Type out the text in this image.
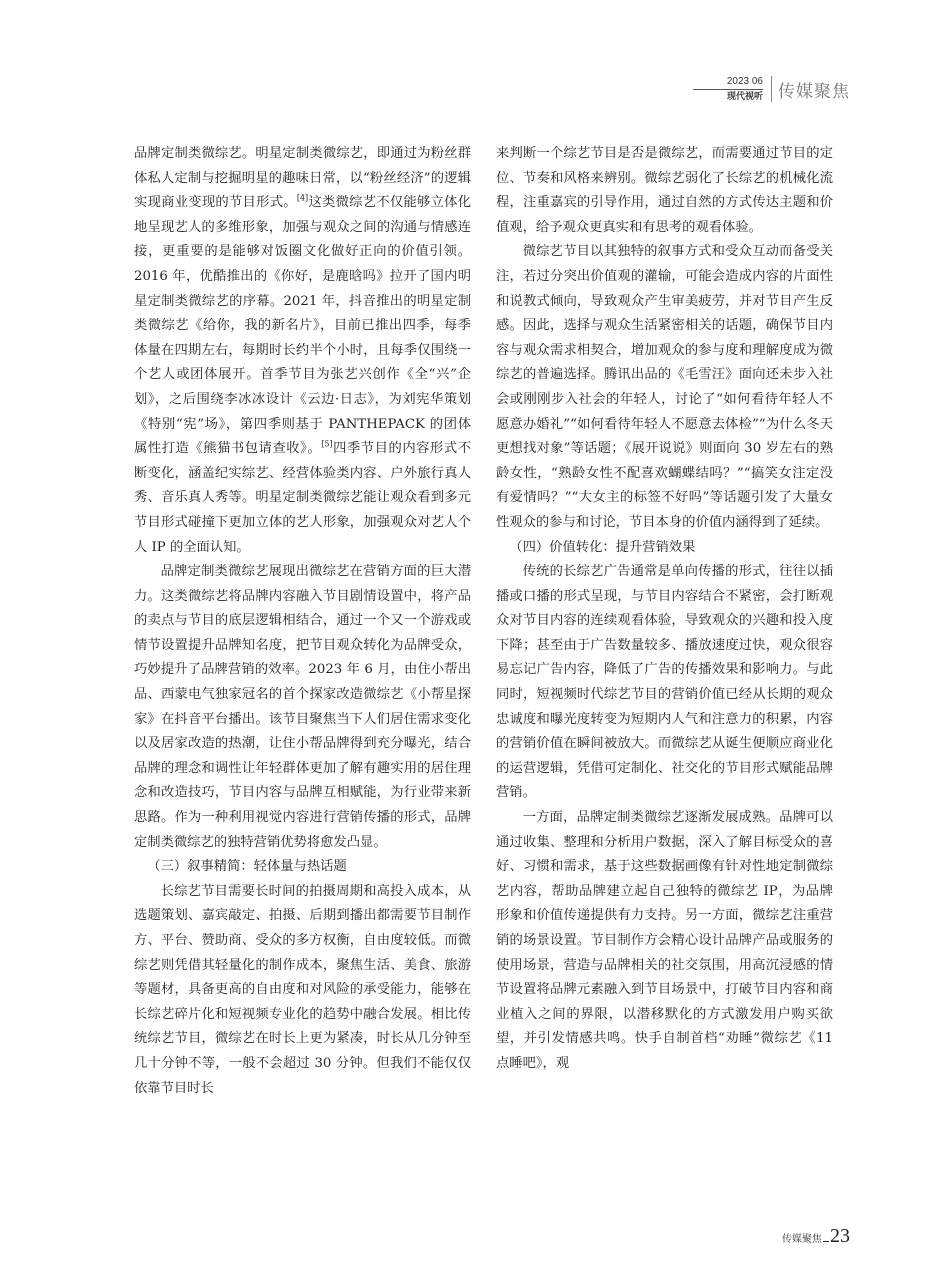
2023 06
现代视听 传媒聚焦

品牌定制类微综艺。明星定制类微综艺，即通过为粉丝群体私人定制与挖掘明星的趣味日常，以“粉丝经济”的逻辑实现商业变现的节目形式。[4]这类微综艺不仅能够立体化地呈现艺人的多维形象，加强与观众之间的沟通与情感连接，更重要的是能够对饭圈文化做好正向的价值引领。2016 年，优酷推出的《你好，是鹿晗吗》拉开了国内明星定制类微综艺的序幕。2021 年，抖音推出的明星定制类微综艺《给你，我的新名片》，目前已推出四季，每季体量在四期左右，每期时长约半个小时，且每季仅围绕一个艺人或团体展开。首季节目为张艺兴创作《全“兴”企划》，之后围绕李冰冰设计《云边·日志》，为刘宪华策划《特别“宪”场》，第四季则基于 PANTHEPACK 的团体属性打造《熊猫书包请查收》。[5]四季节目的内容形式不断变化，涵盖纪实综艺、经营体验类内容、户外旅行真人秀、音乐真人秀等。明星定制类微综艺能让观众看到多元节目形式碰撞下更加立体的艺人形象，加强观众对艺人个人 IP 的全面认知。

品牌定制类微综艺展现出微综艺在营销方面的巨大潜力。这类微综艺将品牌内容融入节目剧情设置中，将产品的卖点与节目的底层逻辑相结合，通过一个又一个游戏或情节设置提升品牌知名度，把节目观众转化为品牌受众，巧妙提升了品牌营销的效率。2023 年 6 月，由住小帮出品、西蒙电气独家冠名的首个探家改造微综艺《小帮星探家》在抖音平台播出。该节目聚焦当下人们居住需求变化以及居家改造的热潮，让住小帮品牌得到充分曝光，结合品牌的理念和调性让年轻群体更加了解有趣实用的居住理念和改造技巧，节目内容与品牌互相赋能，为行业带来新思路。作为一种利用视觉内容进行营销传播的形式，品牌定制类微综艺的独特营销优势将愈发凸显。

（三）叙事精简：轻体量与热话题

长综艺节目需要长时间的拍摄周期和高投入成本，从选题策划、嘉宾敲定、拍摄、后期到播出都需要节目制作方、平台、赞助商、受众的多方权衡，自由度较低。而微综艺则凭借其轻量化的制作成本，聚焦生活、美食、旅游等题材，具备更高的自由度和对风险的承受能力，能够在长综艺碎片化和短视频专业化的趋势中融合发展。相比传统综艺节目，微综艺在时长上更为紧凑，时长从几分钟至几十分钟不等，一般不会超过 30 分钟。但我们不能仅仅依靠节目时长

来判断一个综艺节目是否是微综艺，而需要通过节目的定位、节奏和风格来辨别。微综艺弱化了长综艺的机械化流程，注重嘉宾的引导作用，通过自然的方式传达主题和价值观，给予观众更真实和有思考的观看体验。

微综艺节目以其独特的叙事方式和受众互动而备受关注，若过分突出价值观的灌输，可能会造成内容的片面性和说教式倾向，导致观众产生审美疲劳，并对节目产生反感。因此，选择与观众生活紧密相关的话题，确保节目内容与观众需求相契合，增加观众的参与度和理解度成为微综艺的普遍选择。腾讯出品的《毛雪汪》面向还未步入社会或刚刚步入社会的年轻人，讨论了“如何看待年轻人不愿意办婚礼”“如何看待年轻人不愿意去体检”“为什么冬天更想找对象”等话题；《展开说说》则面向 30 岁左右的熟龄女性，“熟龄女性不配喜欢蝴蝶结吗？”“搞笑女注定没有爱情吗？”“大女主的标签不好吗”等话题引发了大量女性观众的参与和讨论，节目本身的价值内涵得到了延续。

（四）价值转化：提升营销效果

传统的长综艺广告通常是单向传播的形式，往往以插播或口播的形式呈现，与节目内容结合不紧密，会打断观众对节目内容的连续观看体验，导致观众的兴趣和投入度下降；甚至由于广告数量较多、播放速度过快，观众很容易忘记广告内容，降低了广告的传播效果和影响力。与此同时，短视频时代综艺节目的营销价值已经从长期的观众忠诚度和曝光度转变为短期内人气和注意力的积累，内容的营销价值在瞬间被放大。而微综艺从诞生便顺应商业化的运营逻辑，凭借可定制化、社交化的节目形式赋能品牌营销。

一方面，品牌定制类微综艺逐渐发展成熟。品牌可以通过收集、整理和分析用户数据，深入了解目标受众的喜好、习惯和需求，基于这些数据画像有针对性地定制微综艺内容，帮助品牌建立起自己独特的微综艺 IP，为品牌形象和价值传递提供有力支持。另一方面，微综艺注重营销的场景设置。节目制作方会精心设计品牌产品或服务的使用场景，营造与品牌相关的社交氛围，用高沉浸感的情节设置将品牌元素融入到节目场景中，打破节目内容和商业植入之间的界限，以潜移默化的方式激发用户购买欲望，并引发情感共鸣。快手自制首档“劝睡”微综艺《11 点睡吧》，观

传媒聚焦 23
